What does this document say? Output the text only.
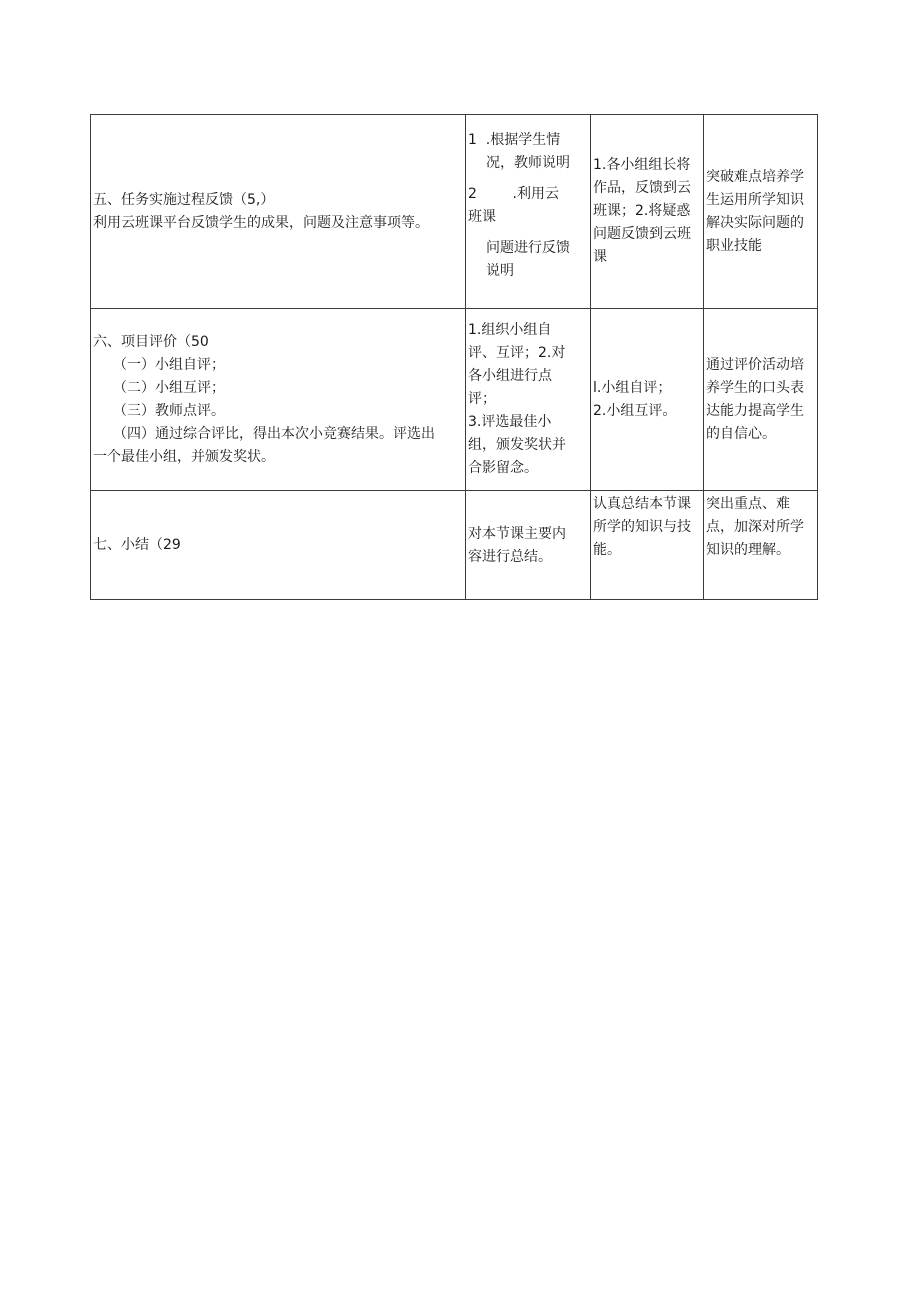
五、任务实施过程反馈（5,）

利用云班课平台反馈学生的成果，问题及注意事项等。

1  .根据学生情

况，教师说明

2        .利用云

班课

问题进行反馈

说明

1.各小组组长将

作品，反馈到云

班课；2.将疑惑

问题反馈到云班

课

突破难点培养学

生运用所学知识

解决实际问题的

职业技能

六、项目评价（50

（一）小组自评；

（二）小组互评；

（三）教师点评。

（四）通过综合评比，得出本次小竞赛结果。评选出

一个最佳小组，并颁发奖状。

1.组织小组自

评、互评；2.对

各小组进行点

评；

3.评选最佳小

组，颁发奖状并

合影留念。

l.小组自评；

2.小组互评。

通过评价活动培

养学生的口头表

达能力提高学生

的自信心。

七、小结（29

对本节课主要内

容进行总结。

认真总结本节课

所学的知识与技

能。

突出重点、难

点，加深对所学

知识的理解。
